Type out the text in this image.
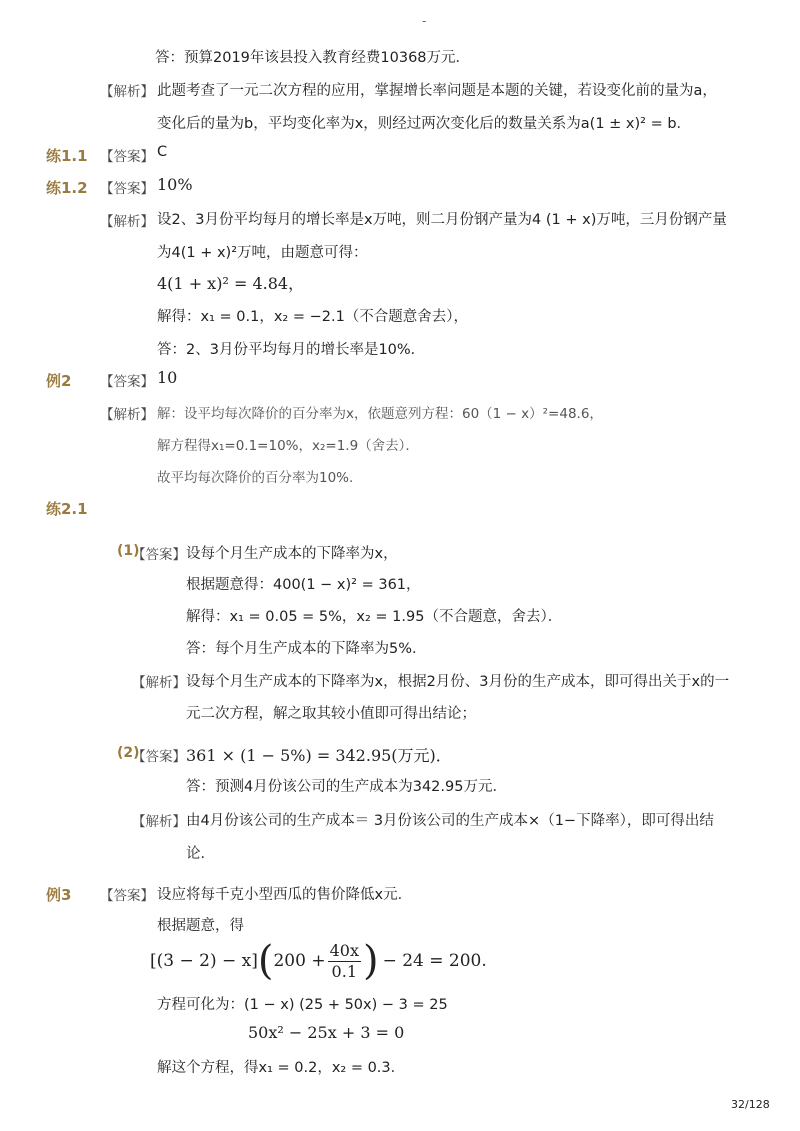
-
答：预算2019年该县投入教育经费10368万元．
【解析】 此题考查了一元二次方程的应用，掌握增长率问题是本题的关键，若设变化前的量为a，
变化后的量为b，平均变化率为x，则经过两次变化后的数量关系为a(1 ± x)² = b．
练1.1 【答案】 C
练1.2 【答案】 10%
【解析】 设2、3月份平均每月的增长率是x万吨，则二月份钢产量为4 (1 + x)万吨，三月份钢产量
为4(1 + x)²万吨，由题意可得：
4(1 + x)² = 4.84，
解得：x₁ = 0.1，x₂ = −2.1（不合题意舍去），
答：2、3月份平均每月的增长率是10%．
例2 【答案】 10
【解析】 解：设平均每次降价的百分率为x，依题意列方程：60（1 − x）²=48.6，
解方程得x₁=0.1=10%，x₂=1.9（舍去）．
故平均每次降价的百分率为10%.
练2.1
(1)
【答案】 设每个月生产成本的下降率为x，
根据题意得：400(1 − x)² = 361，
解得：x₁ = 0.05 = 5%，x₂ = 1.95（不合题意，舍去）．
答：每个月生产成本的下降率为5%．
【解析】 设每个月生产成本的下降率为x，根据2月份、3月份的生产成本，即可得出关于x的一
元二次方程，解之取其较小值即可得出结论；
(2)
【答案】 361 × (1 − 5%) = 342.95(万元)．
答：预测4月份该公司的生产成本为342.95万元．
【解析】 由4月份该公司的生产成本＝ 3月份该公司的生产成本×（1−下降率），即可得出结
论．
例3 【答案】 设应将每千克小型西瓜的售价降低x元．
根据题意，得
[(3 − 2) − x] ( $200 + \frac{40x}{0.1}$ ) − 24 = 200.
方程可化为：(1 − x) (25 + 50x) − 3 = 25
50x² − 25x + 3 = 0
解这个方程，得x₁ = 0.2，x₂ = 0.3．
32/128
